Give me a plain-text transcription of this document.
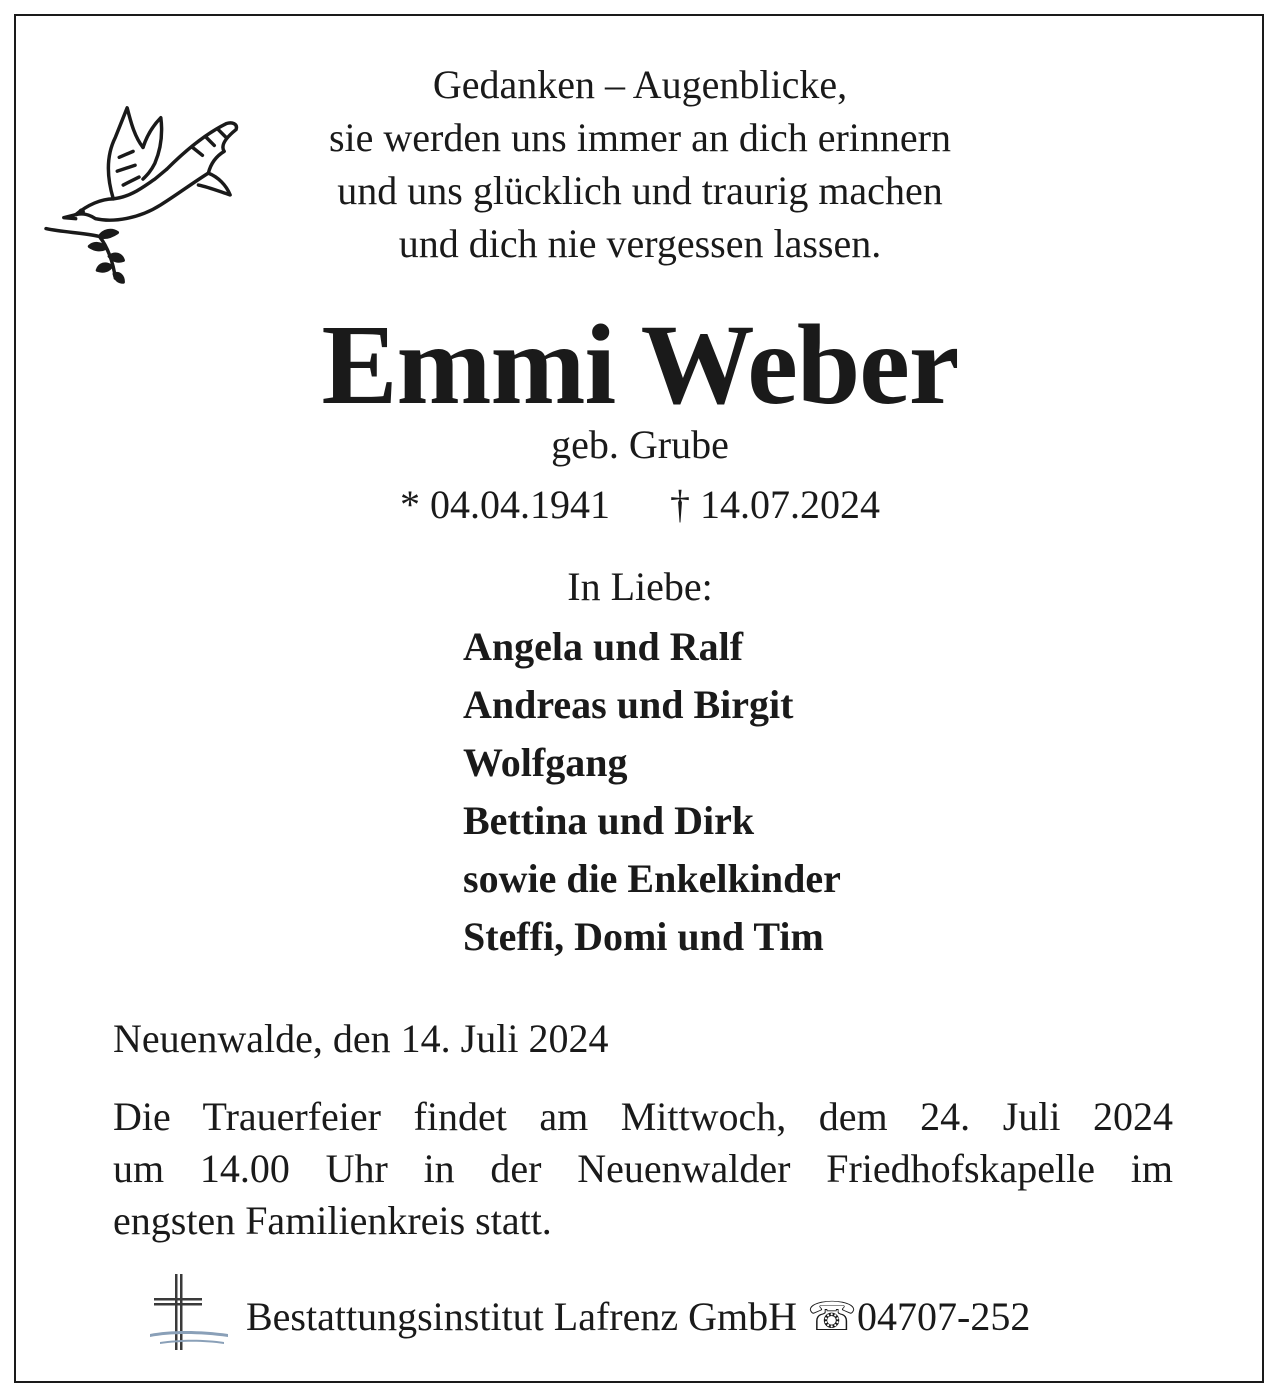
Gedanken – Augenblicke,
sie werden uns immer an dich erinnern
und uns glücklich und traurig machen
und dich nie vergessen lassen.
Emmi Weber
geb. Grube
* 04.04.1941 † 14.07.2024
In Liebe:
Angela und Ralf
Andreas und Birgit
Wolfgang
Bettina und Dirk
sowie die Enkelkinder
Steffi, Domi und Tim
Neuenwalde, den 14. Juli 2024
Die Trauerfeier findet am Mittwoch, dem 24. Juli 2024
um 14.00 Uhr in der Neuenwalder Friedhofskapelle im
engsten Familienkreis statt.
Bestattungsinstitut Lafrenz GmbH ☏04707-252
